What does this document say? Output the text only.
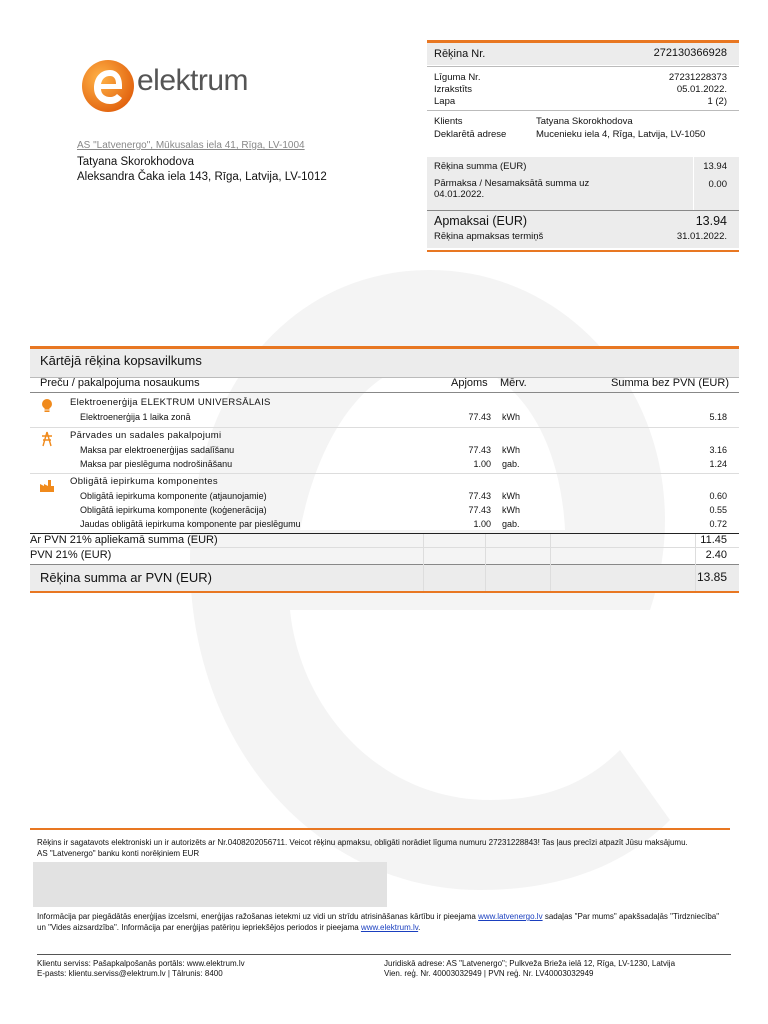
elektrum
AS "Latvenergo", Mūkusalas iela 41, Rīga, LV-1004
Tatyana Skorokhodova
Aleksandra Čaka iela 143, Rīga, Latvija, LV-1012
Rēķina Nr.	272130366928
Līguma Nr.	27231228373
Izrakstīts	05.01.2022.
Lapa	1 (2)
Klients	Tatyana Skorokhodova
Deklarētā adrese	Mucenieku iela 4, Rīga, Latvija, LV-1050
Rēķina summa (EUR)	13.94
Pārmaksa / Nesamaksātā summa uz 04.01.2022.
0.00
Apmaksai (EUR)	13.94
Rēķina apmaksas termiņš	31.01.2022.
Kārtējā rēķina kopsavilkums
Preču / pakalpojuma nosaukums	Apjoms Mērv.	Summa bez PVN (EUR)
Elektroenerģija ELEKTRUM UNIVERSĀLAIS
Elektroenerģija 1 laika zonā	77.43 kWh	5.18
Pārvades un sadales pakalpojumi
Maksa par elektroenerģijas sadalīšanu	77.43 kWh	3.16
Maksa par pieslēguma nodrošināšanu	1.00 gab.	1.24
Obligātā iepirkuma komponentes
Obligātā iepirkuma komponente (atjaunojamie)	77.43 kWh	0.60
Obligātā iepirkuma komponente (koģenerācija)	77.43 kWh	0.55
Jaudas obligātā iepirkuma komponente par pieslēgumu	1.00 gab.	0.72
Ar PVN 21% apliekamā summa (EUR)	11.45
PVN 21% (EUR)	2.40
Rēķina summa ar PVN (EUR)	13.85
Rēķins ir sagatavots elektroniski un ir autorizēts ar Nr.0408202056711. Veicot rēķinu apmaksu, obligāti norādiet līguma numuru 27231228843! Tas ļaus precīzi atpazīt Jūsu maksājumu.
AS "Latvenergo" banku konti norēķiniem EUR
Informācija par piegādātās enerģijas izcelsmi, enerģijas ražošanas ietekmi uz vidi un strīdu atrisināšanas kārtību ir pieejama www.latvenergo.lv sadaļas "Par mums" apakšsadaļās "Tirdzniecība" un "Vides aizsardzība". Informācija par enerģijas patēriņu iepriekšējos periodos ir pieejama www.elektrum.lv.
Klientu serviss: Pašapkalpošanās portāls: www.elektrum.lv
E-pasts: klientu.serviss@elektrum.lv | Tālrunis: 8400
Juridiskā adrese: AS "Latvenergo"; Pulkveža Brieža ielā 12, Rīga, LV-1230, Latvija
Vien. reģ. Nr. 40003032949 | PVN reģ. Nr. LV40003032949
